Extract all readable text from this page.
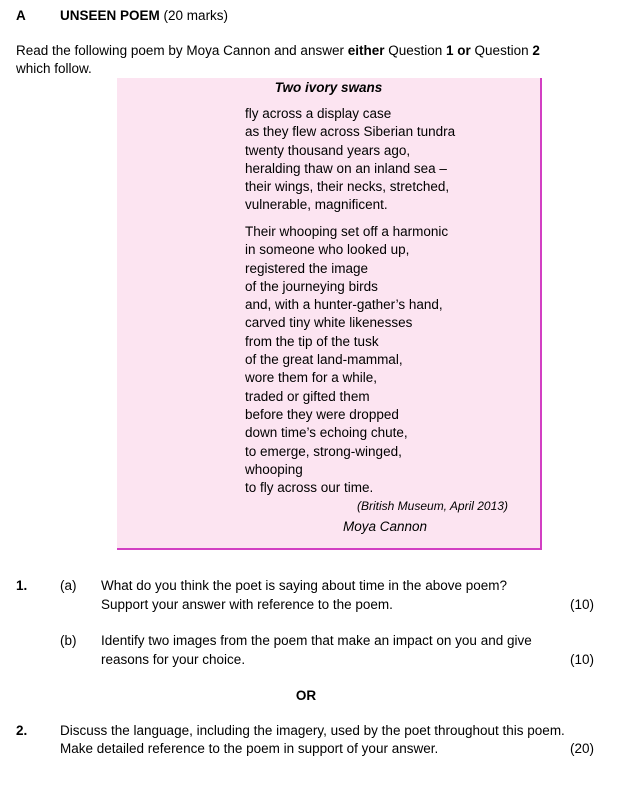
A	UNSEEN POEM (20 marks)
Read the following poem by Moya Cannon and answer either Question 1 or Question 2
which follow.
Two ivory swans
fly across a display case
as they flew across Siberian tundra
twenty thousand years ago,
heralding thaw on an inland sea –
their wings, their necks, stretched,
vulnerable, magnificent.
Their whooping set off a harmonic
in someone who looked up,
registered the image
of the journeying birds
and, with a hunter-gather’s hand,
carved tiny white likenesses
from the tip of the tusk
of the great land-mammal,
wore them for a while,
traded or gifted them
before they were dropped
down time’s echoing chute,
to emerge, strong-winged,
whooping
to fly across our time.
(British Museum, April 2013)
Moya Cannon
1. (a) What do you think the poet is saying about time in the above poem?
Support your answer with reference to the poem.	(10)
(b) Identify two images from the poem that make an impact on you and give
reasons for your choice.	(10)
OR
2. Discuss the language, including the imagery, used by the poet throughout this poem.
Make detailed reference to the poem in support of your answer.	(20)
